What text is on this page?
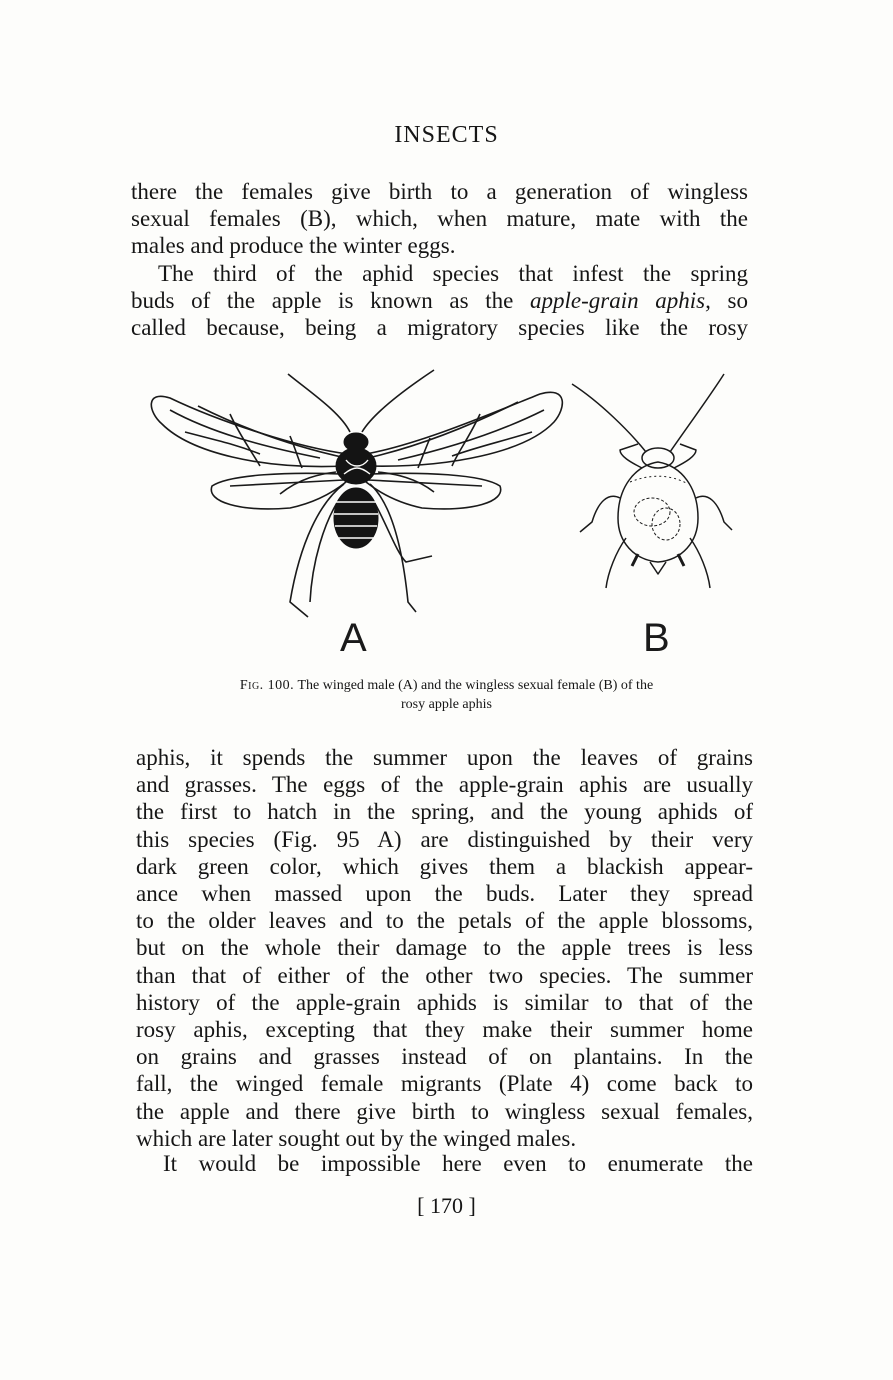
INSECTS

there the females give birth to a generation of wingless
sexual females (B), which, when mature, mate with the
males and produce the winter eggs.

The third of the aphid species that infest the spring
buds of the apple is known as the apple-grain aphis, so
called because, being a migratory species like the rosy

A	B
Fig. 100. The winged male (A) and the wingless sexual female (B) of the
rosy apple aphis

aphis, it spends the summer upon the leaves of grains
and grasses. The eggs of the apple-grain aphis are usually
the first to hatch in the spring, and the young aphids of
this species (Fig. 95 A) are distinguished by their very
dark green color, which gives them a blackish appear-
ance when massed upon the buds. Later they spread
to the older leaves and to the petals of the apple blossoms,
but on the whole their damage to the apple trees is less
than that of either of the other two species. The summer
history of the apple-grain aphids is similar to that of the
rosy aphis, excepting that they make their summer home
on grains and grasses instead of on plantains. In the
fall, the winged female migrants (Plate 4) come back to
the apple and there give birth to wingless sexual females,
which are later sought out by the winged males.

It would be impossible here even to enumerate the

[ 170 ]
